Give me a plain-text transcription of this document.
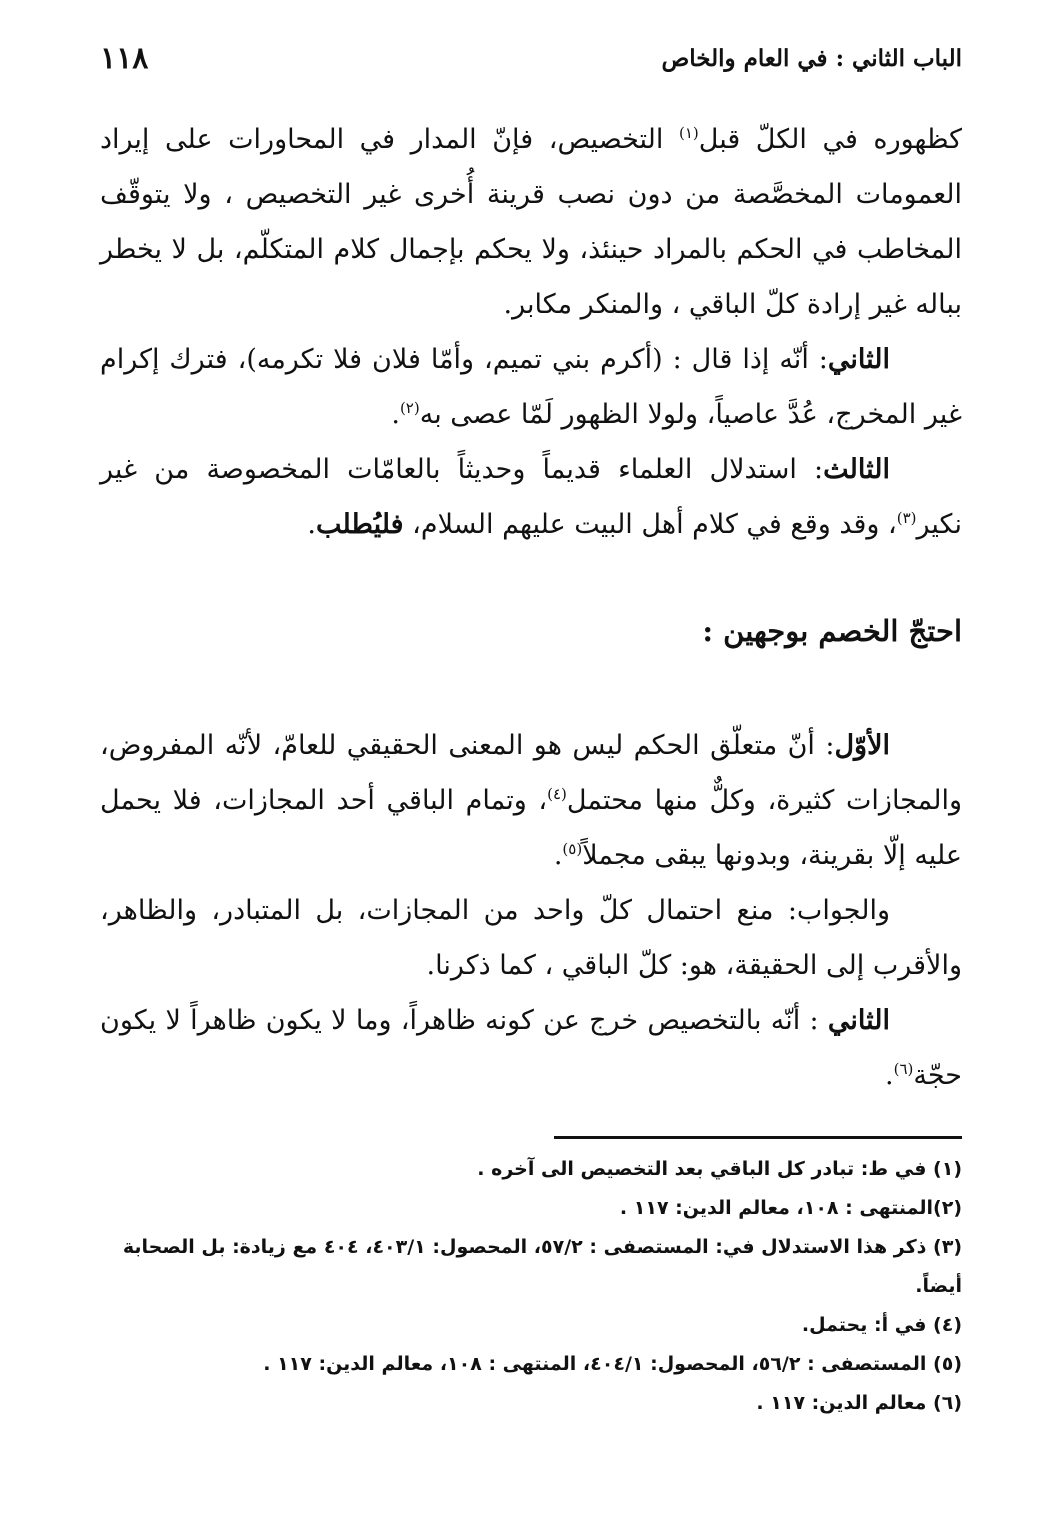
الباب الثاني : في العام والخاص
١١٨

كظهوره في الكلّ قبل$^{(١)}$ التخصيص، فإنّ المدار في المحاورات على إيراد العمومات المخصَّصة من دون نصب قرينة أُخرى غير التخصيص ، ولا يتوقّف المخاطب في الحكم بالمراد حينئذ، ولا يحكم بإجمال كلام المتكلّم، بل لا يخطر بباله غير إرادة كلّ الباقي ، والمنكر مكابر.

الثاني: أنّه إذا قال : (أكرم بني تميم، وأمّا فلان فلا تكرمه)، فترك إكرام غير المخرج، عُدَّ عاصياً، ولولا الظهور لَمّا عصى به$^{(٢)}$.

الثالث: استدلال العلماء قديماً وحديثاً بالعامّات المخصوصة من غير نكير$^{(٣)}$، وقد وقع في كلام أهل البيت عليهم السلام، فليُطلب.

احتجّ الخصم بوجهين :

الأوّل: أنّ متعلّق الحكم ليس هو المعنى الحقيقي للعامّ، لأنّه المفروض، والمجازات كثيرة، وكلٌّ منها محتمل$^{(٤)}$، وتمام الباقي أحد المجازات، فلا يحمل عليه إلّا بقرينة، وبدونها يبقى مجملاً$^{(٥)}$.

والجواب: منع احتمال كلّ واحد من المجازات، بل المتبادر، والظاهر، والأقرب إلى الحقيقة، هو: كلّ الباقي ، كما ذكرنا.

الثاني : أنّه بالتخصيص خرج عن كونه ظاهراً، وما لا يكون ظاهراً لا يكون حجّة$^{(٦)}$.

(١) في ط: تبادر كل الباقي بعد التخصيص الى آخره .

(٢)المنتهى : ١٠٨، معالم الدين: ١١٧ .

(٣) ذكر هذا الاستدلال في: المستصفى : ٥٧/٢، المحصول: ٤٠٣/١، ٤٠٤ مع زيادة: بل الصحابة أيضاً.

(٤) في أ: يحتمل.

(٥) المستصفى : ٥٦/٢، المحصول: ٤٠٤/١، المنتهى : ١٠٨، معالم الدين: ١١٧ .

(٦) معالم الدين: ١١٧ .
